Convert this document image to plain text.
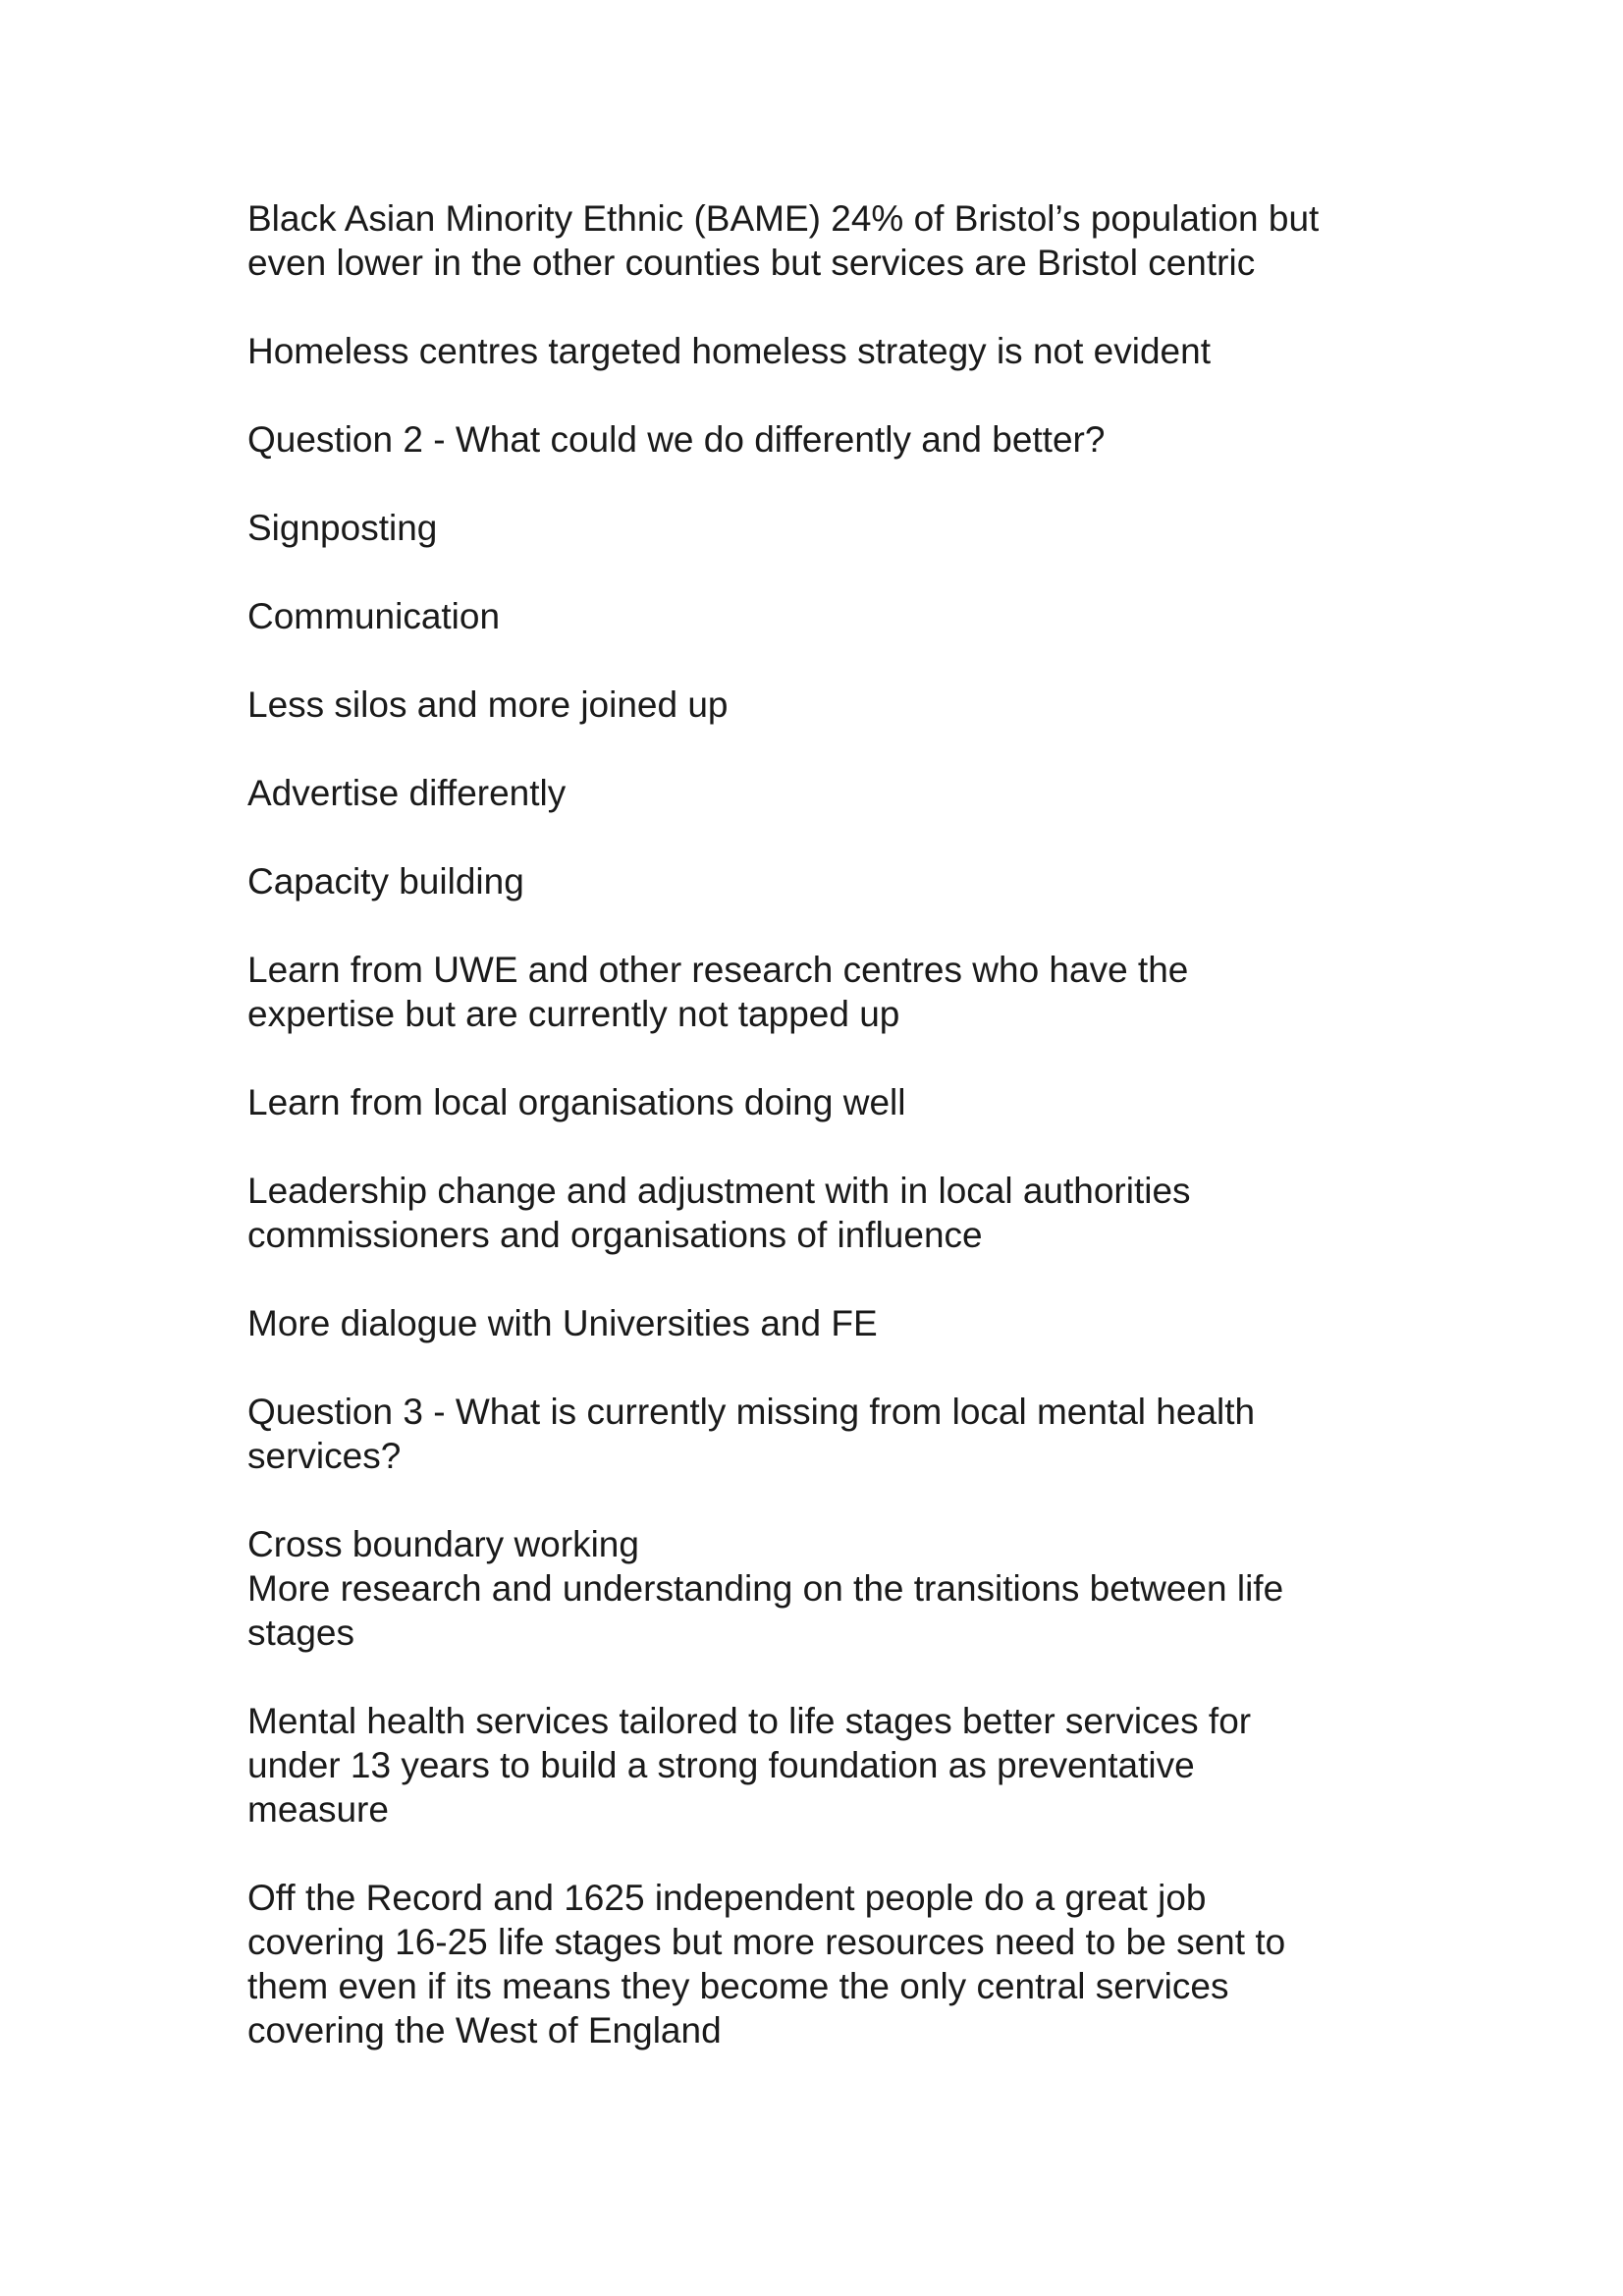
Black Asian Minority Ethnic (BAME) 24% of Bristol’s population but
even lower in the other counties but services are Bristol centric

Homeless centres targeted homeless strategy is not evident

Question 2 - What could we do differently and better?

Signposting

Communication

Less silos and more joined up

Advertise differently

Capacity building

Learn from UWE and other research centres who have the
expertise but are currently not tapped up

Learn from local organisations doing well

Leadership change and adjustment with in local authorities
commissioners and organisations of influence

More dialogue with Universities and FE

Question 3 - What is currently missing from local mental health
services?

Cross boundary working
More research and understanding on the transitions between life
stages

Mental health services tailored to life stages better services for
under 13 years to build a strong foundation as preventative
measure

Off the Record and 1625 independent people do a great job
covering 16-25 life stages but more resources need to be sent to
them even if its means they become the only central services
covering the West of England
